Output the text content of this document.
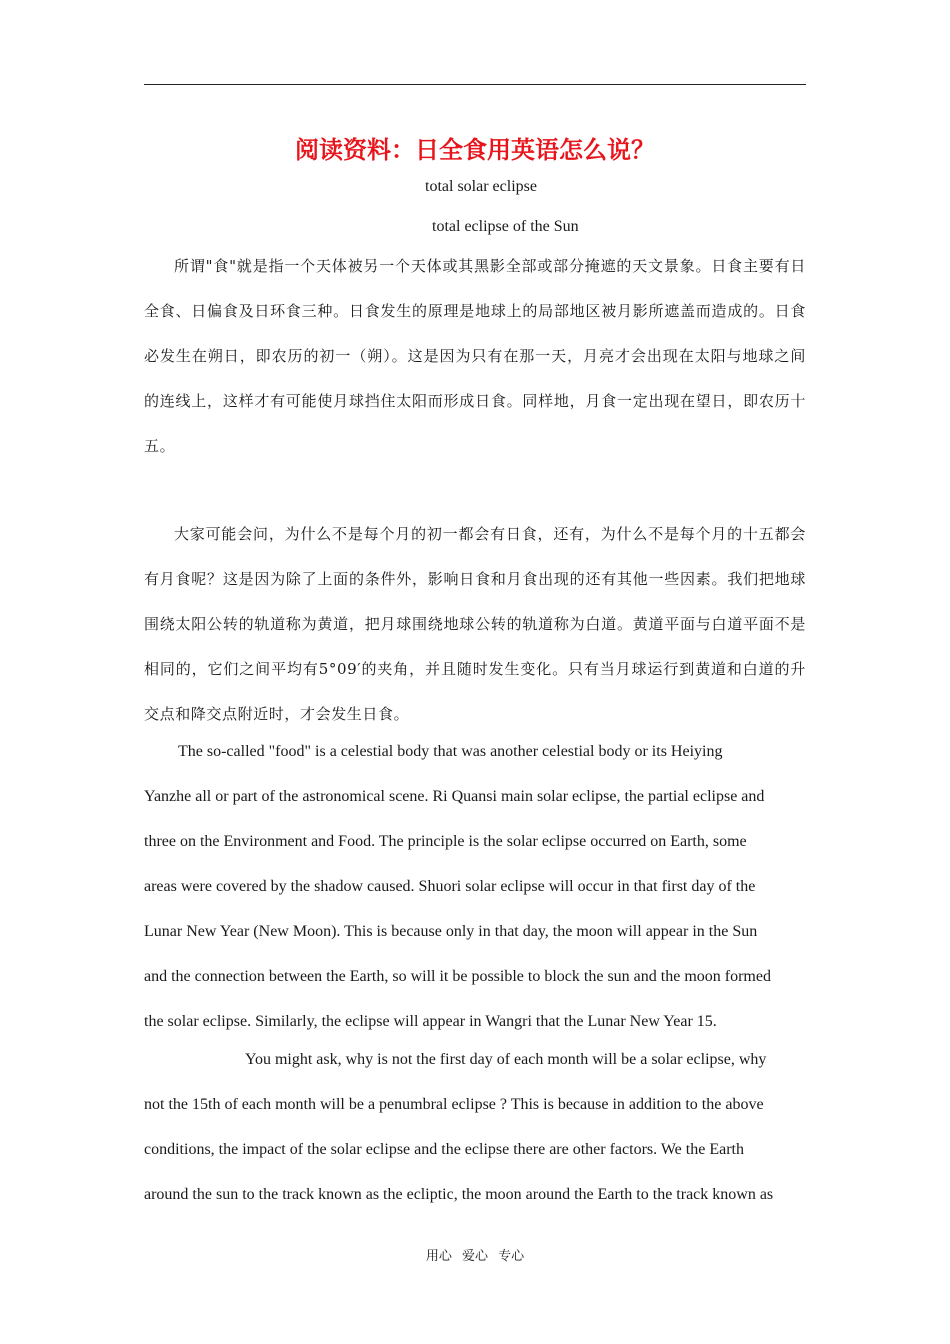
阅读资料：日全食用英语怎么说？
total solar eclipse
total eclipse of the Sun

所谓"食"就是指一个天体被另一个天体或其黑影全部或部分掩遮的天文景象。日食主要有日全食、日偏食及日环食三种。日食发生的原理是地球上的局部地区被月影所遮盖而造成的。日食必发生在朔日，即农历的初一（朔）。这是因为只有在那一天，月亮才会出现在太阳与地球之间的连线上，这样才有可能使月球挡住太阳而形成日食。同样地，月食一定出现在望日，即农历十五。

大家可能会问，为什么不是每个月的初一都会有日食，还有，为什么不是每个月的十五都会有月食呢？这是因为除了上面的条件外，影响日食和月食出现的还有其他一些因素。我们把地球围绕太阳公转的轨道称为黄道，把月球围绕地球公转的轨道称为白道。黄道平面与白道平面不是相同的，它们之间平均有5°09′的夹角，并且随时发生变化。只有当月球运行到黄道和白道的升交点和降交点附近时，才会发生日食。

The so-called "food" is a celestial body that was another celestial body or its Heiying
Yanzhe all or part of the astronomical scene. Ri Quansi main solar eclipse, the partial eclipse and
three on the Environment and Food. The principle is the solar eclipse occurred on Earth, some
areas were covered by the shadow caused. Shuori solar eclipse will occur in that first day of the
Lunar New Year (New Moon). This is because only in that day, the moon will appear in the Sun
and the connection between the Earth, so will it be possible to block the sun and the moon formed
the solar eclipse. Similarly, the eclipse will appear in Wangri that the Lunar New Year 15.
You might ask, why is not the first day of each month will be a solar eclipse, why
not the 15th of each month will be a penumbral eclipse ? This is because in addition to the above
conditions, the impact of the solar eclipse and the eclipse there are other factors. We the Earth
around the sun to the track known as the ecliptic, the moon around the Earth to the track known as
用心 爱心 专心
